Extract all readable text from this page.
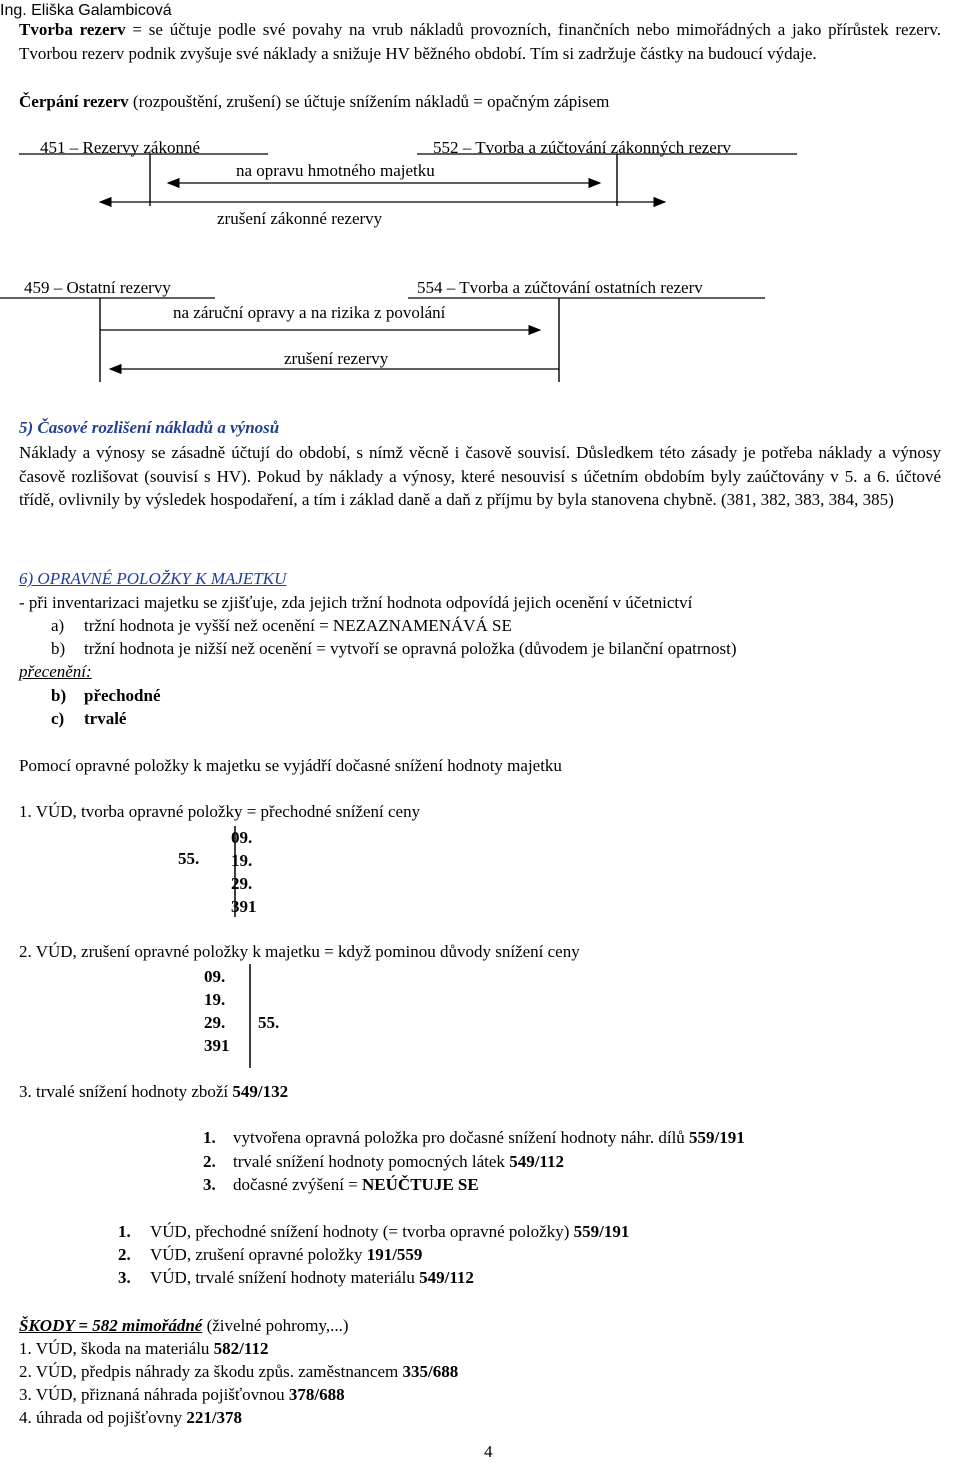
Ing. Eliška Galambicová
Tvorba rezerv = se účtuje podle své povahy na vrub nákladů provozních, finančních nebo mimořádných a jako přírůstek rezerv. Tvorbou rezerv podnik zvyšuje své náklady a snižuje HV běžného období. Tím si zadržuje částky na budoucí výdaje.
Čerpání rezerv (rozpouštění, zrušení) se účtuje snížením nákladů = opačným zápisem
451 – Rezervy zákonné	552 – Tvorba a zúčtování zákonných rezerv
na opravu hmotného majetku
zrušení zákonné rezervy
459 – Ostatní rezervy	554 – Tvorba a zúčtování ostatních rezerv
na záruční opravy a na rizika z povolání
zrušení rezervy
5) Časové rozlišení nákladů a výnosů
Náklady a výnosy se zásadně účtují do období, s nímž věcně i časově souvisí. Důsledkem této zásady je potřeba náklady a výnosy časově rozlišovat (souvisí s HV). Pokud by náklady a výnosy, které nesouvisí s účetním obdobím byly zaúčtovány v 5. a 6. účtové třídě, ovlivnily by výsledek hospodaření, a tím i základ daně a daň z příjmu by byla stanovena chybně. (381, 382, 383, 384, 385)
6) OPRAVNÉ POLOŽKY K MAJETKU
- při inventarizaci majetku se zjišťuje, zda jejich tržní hodnota odpovídá jejich ocenění v účetnictví
a) tržní hodnota je vyšší než ocenění = NEZAZNAMENÁVÁ SE
b) tržní hodnota je nižší než ocenění = vytvoří se opravná položka (důvodem je bilanční opatrnost)
přecenění:
b) přechodné
c) trvalé
Pomocí opravné položky k majetku se vyjádří dočasné snížení hodnoty majetku
1. VÚD, tvorba opravné položky = přechodné snížení ceny
55.
09.
19.
29.
391
2. VÚD, zrušení opravné položky k majetku = když pominou důvody snížení ceny
09.
19.
29.
391
55.
3. trvalé snížení hodnoty zboží 549/132
1. vytvořena opravná položka pro dočasné snížení hodnoty náhr. dílů 559/191
2. trvalé snížení hodnoty pomocných látek 549/112
3. dočasné zvýšení = NEÚČTUJE SE
1. VÚD, přechodné snížení hodnoty (= tvorba opravné položky) 559/191
2. VÚD, zrušení opravné položky 191/559
3. VÚD, trvalé snížení hodnoty materiálu 549/112
ŠKODY = 582 mimořádné (živelné pohromy,...)
1. VÚD, škoda na materiálu 582/112
2. VÚD, předpis náhrady za škodu způs. zaměstnancem 335/688
3. VÚD, přiznaná náhrada pojišťovnou 378/688
4. úhrada od pojišťovny 221/378
4
